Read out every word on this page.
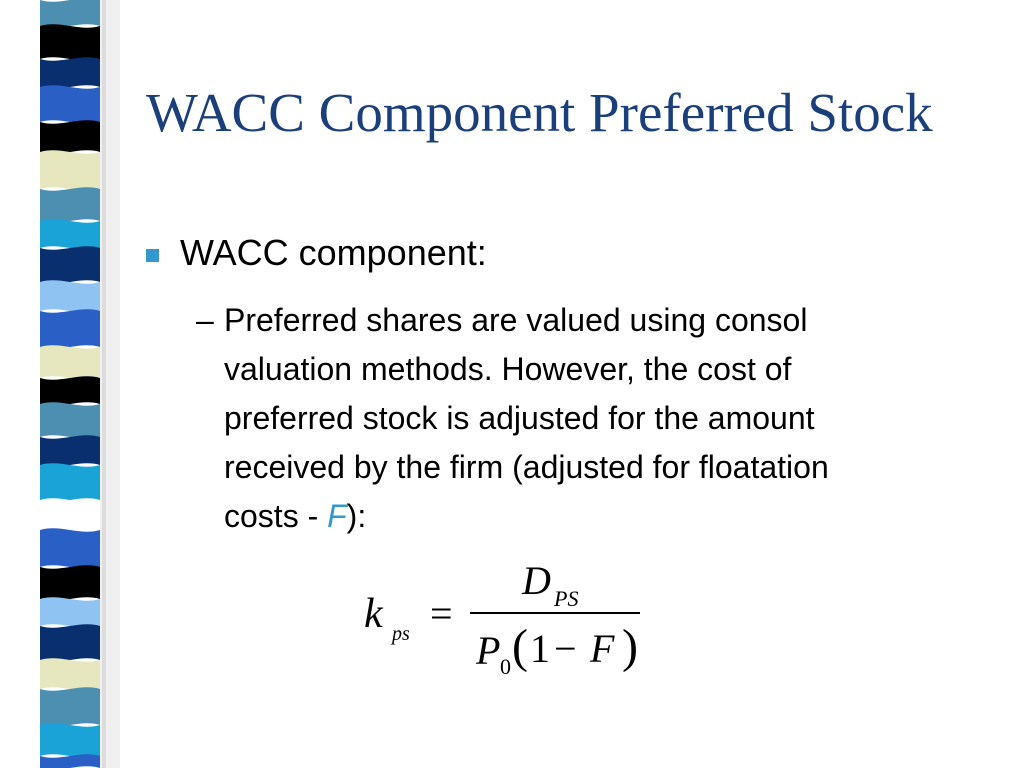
WACC Component Preferred Stock
WACC component:
– Preferred shares are valued using consol
valuation methods. However, the cost of
preferred stock is adjusted for the amount
received by the firm (adjusted for floatation
costs - F):
k ps =
D PS
P 0 ( 1 − F )
